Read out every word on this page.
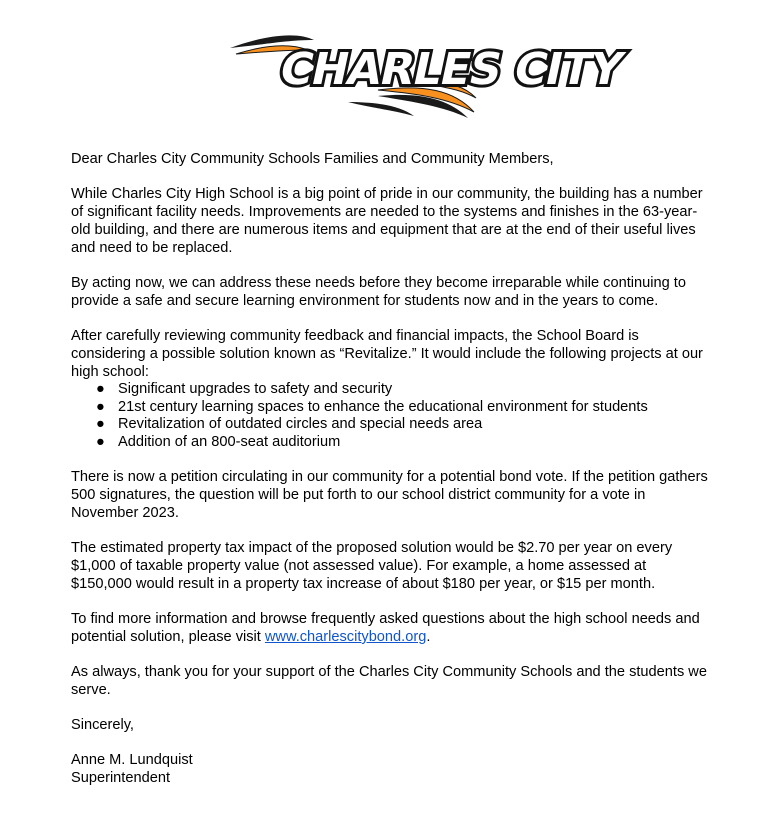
CHARLES CITY

Dear Charles City Community Schools Families and Community Members,

While Charles City High School is a big point of pride in our community, the building has a number of significant facility needs. Improvements are needed to the systems and finishes in the 63-year-old building, and there are numerous items and equipment that are at the end of their useful lives and need to be replaced.

By acting now, we can address these needs before they become irreparable while continuing to provide a safe and secure learning environment for students now and in the years to come.

After carefully reviewing community feedback and financial impacts, the School Board is considering a possible solution known as “Revitalize.” It would include the following projects at our high school:

● Significant upgrades to safety and security
● 21st century learning spaces to enhance the educational environment for students
● Revitalization of outdated circles and special needs area
● Addition of an 800-seat auditorium

There is now a petition circulating in our community for a potential bond vote. If the petition gathers 500 signatures, the question will be put forth to our school district community for a vote in November 2023.

The estimated property tax impact of the proposed solution would be $2.70 per year on every $1,000 of taxable property value (not assessed value). For example, a home assessed at $150,000 would result in a property tax increase of about $180 per year, or $15 per month.

To find more information and browse frequently asked questions about the high school needs and potential solution, please visit www.charlescitybond.org.

As always, thank you for your support of the Charles City Community Schools and the students we serve.

Sincerely,

Anne M. Lundquist
Superintendent
